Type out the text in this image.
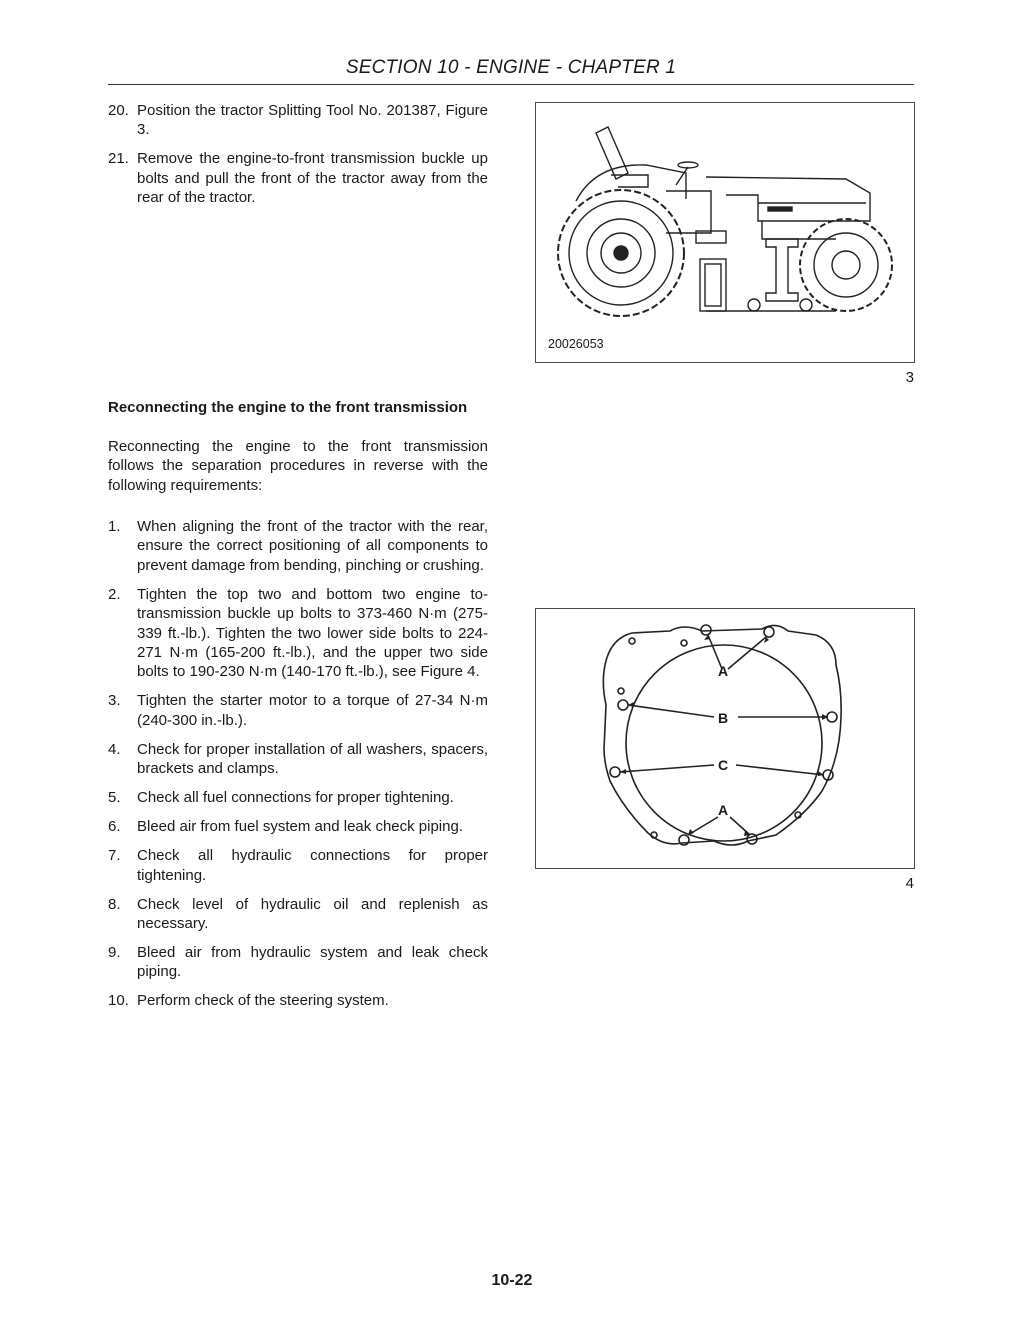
SECTION 10 - ENGINE - CHAPTER 1
20. Position the tractor Splitting Tool No. 201387, Figure 3.
21. Remove the engine-to-front transmission buckle up bolts and pull the front of the tractor away from the rear of the tractor.
Reconnecting the engine to the front transmission
Reconnecting the engine to the front transmission follows the separation procedures in reverse with the following requirements:
1.	When aligning the front of the tractor with the rear, ensure the correct positioning of all components to prevent damage from bending, pinching or crushing.
2.	Tighten the top two and bottom two engine to-transmission buckle up bolts to 373-460 N·m (275-339 ft.-lb.). Tighten the two lower side bolts to 224-271 N·m (165-200 ft.-lb.), and the upper two side bolts to 190-230 N·m (140-170 ft.-lb.), see Figure 4.
3.	Tighten the starter motor to a torque of 27-34 N·m (240-300 in.-lb.).
4.	Check for proper installation of all washers, spacers, brackets and clamps.
5.	Check all fuel connections for proper tightening.
6.	Bleed air from fuel system and leak check piping.
7.	Check all hydraulic connections for proper tightening.
8.	Check level of hydraulic oil and replenish as necessary.
9.	Bleed air from hydraulic system and leak check piping.
10. Perform check of the steering system.
20026053
3
A
B
C
A
4
10-22
